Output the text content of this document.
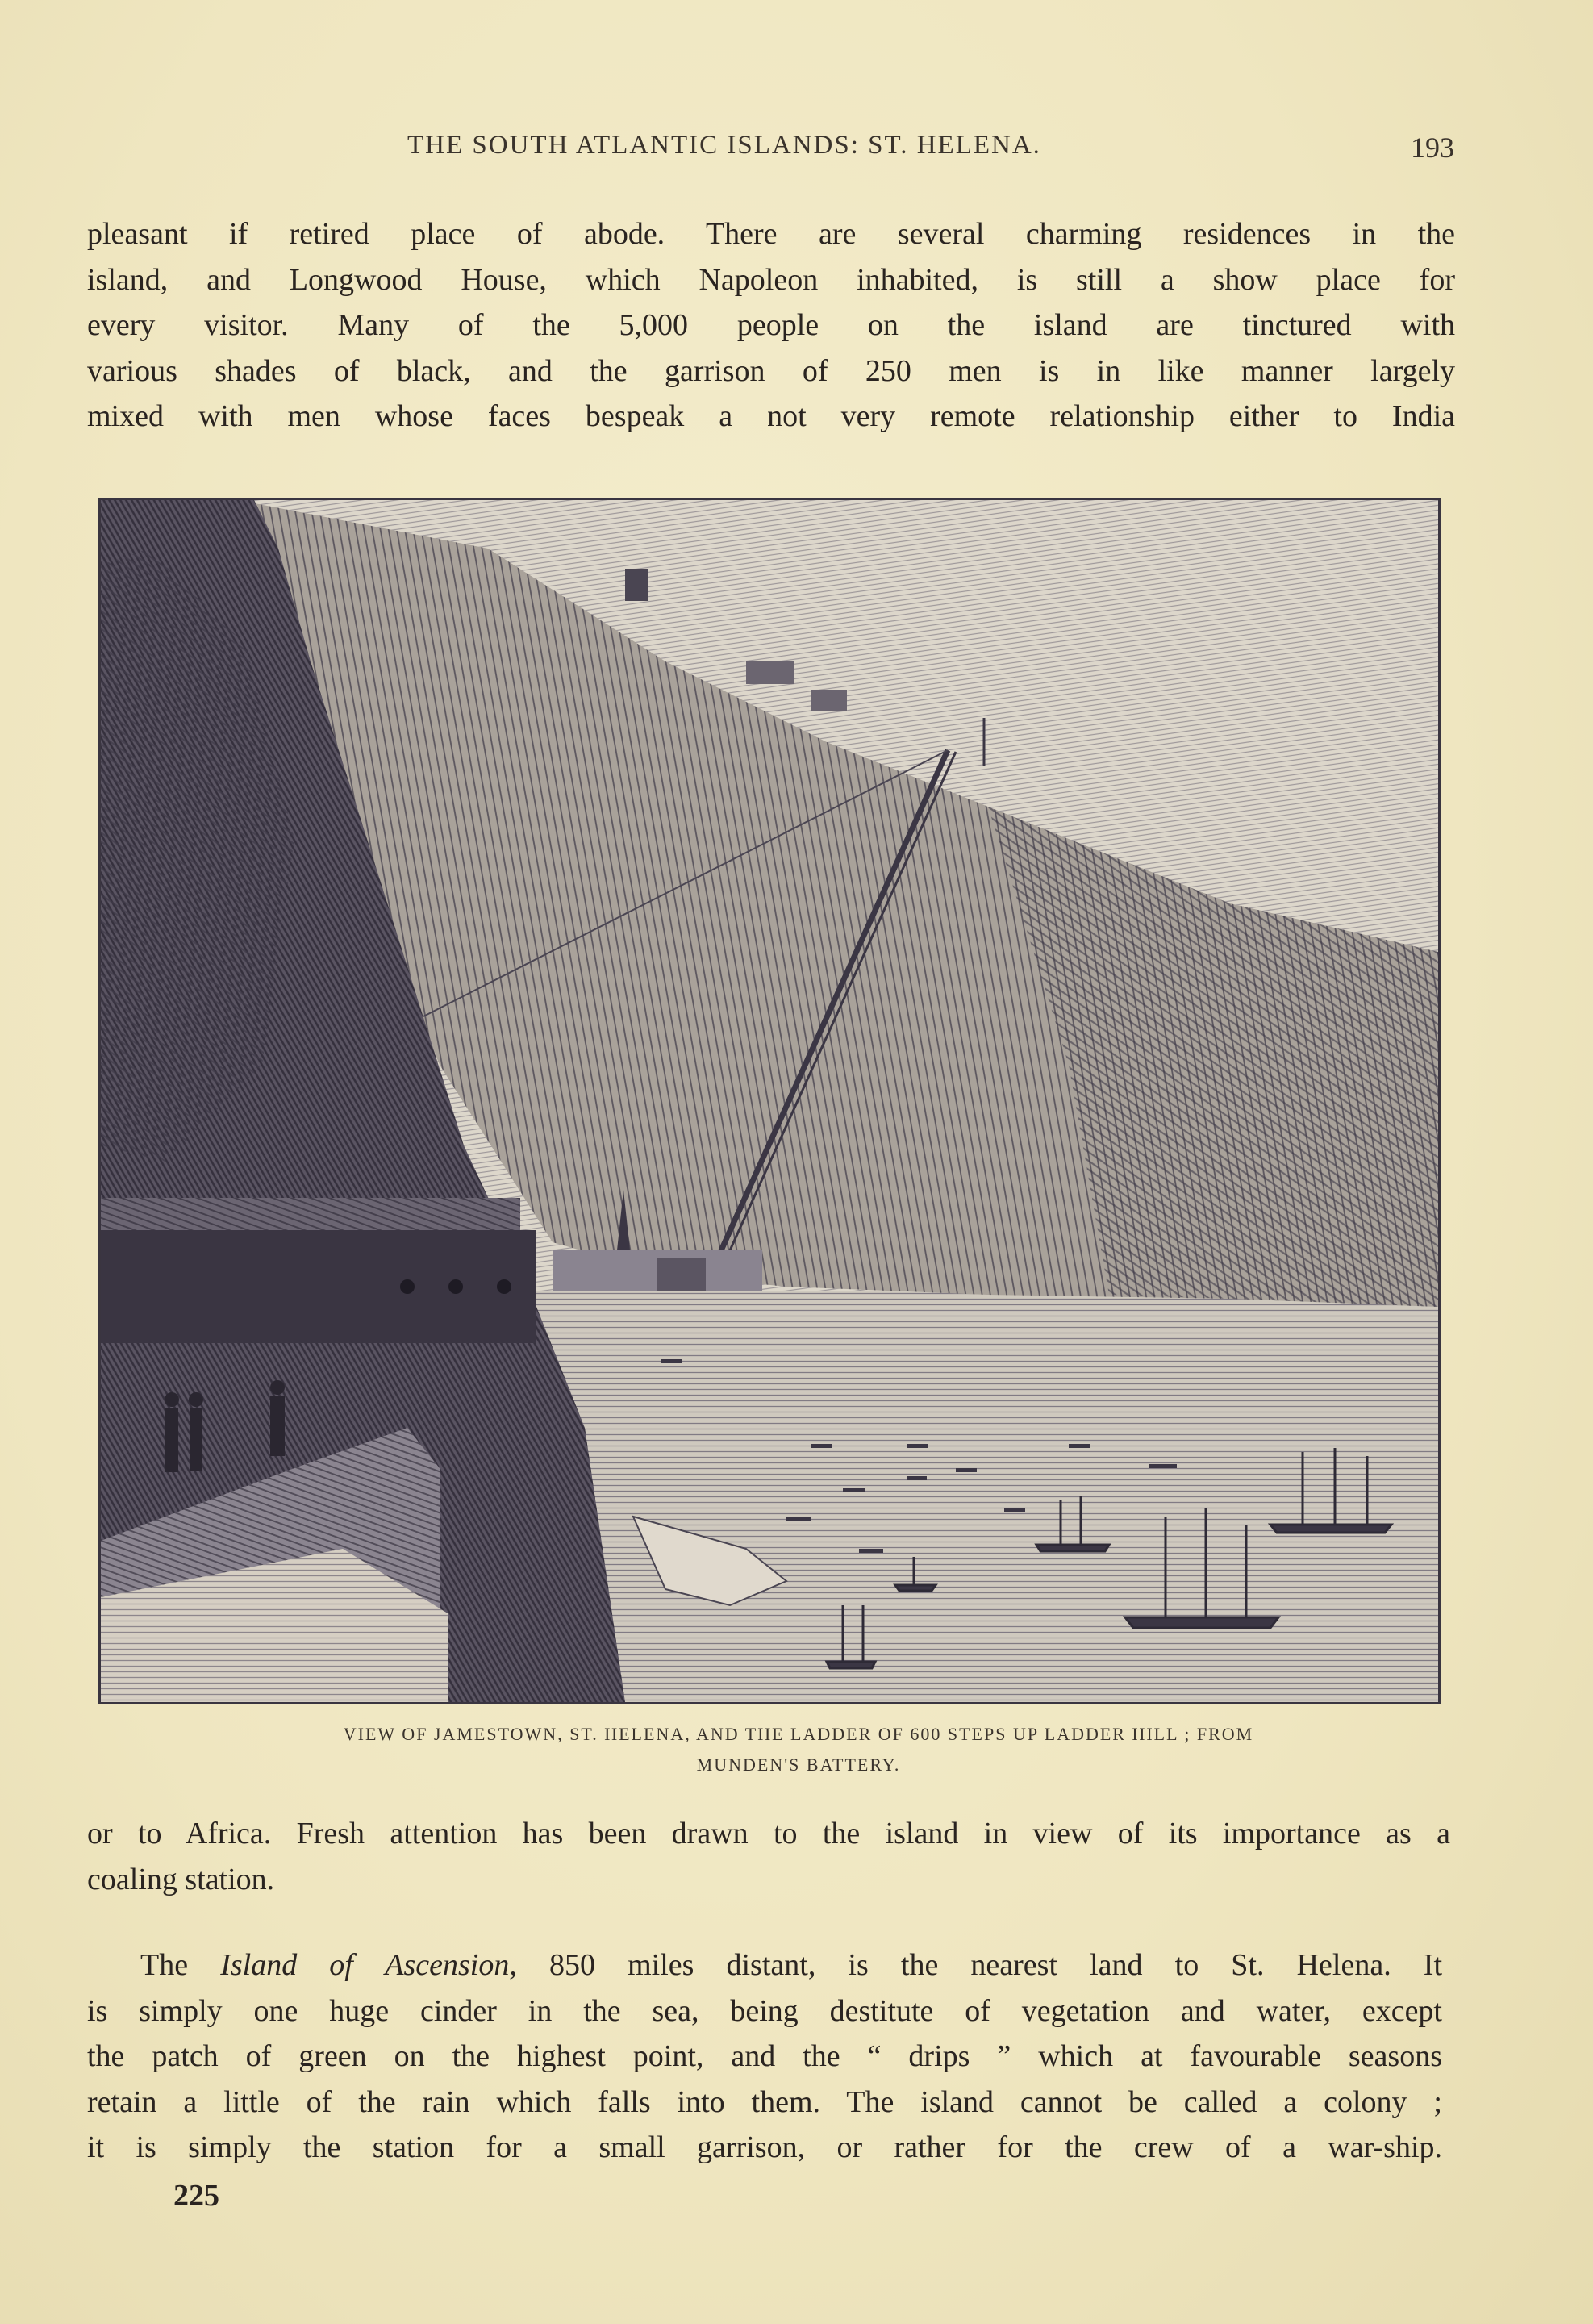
THE SOUTH ATLANTIC ISLANDS: ST. HELENA.	193
pleasant if retired place of abode. There are several charming residences in the
island, and Longwood House, which Napoleon inhabited, is still a show place for
every visitor. Many of the 5,000 people on the island are tinctured with
various shades of black, and the garrison of 250 men is in like manner largely
mixed with men whose faces bespeak a not very remote relationship either to India
VIEW OF JAMESTOWN, ST. HELENA, AND THE LADDER OF 600 STEPS UP LADDER HILL ; FROM
MUNDEN'S BATTERY.
or to Africa. Fresh attention has been drawn to the island in view of its importance as a
coaling station.
The Island of Ascension, 850 miles distant, is the nearest land to St. Helena. It
is simply one huge cinder in the sea, being destitute of vegetation and water, except
the patch of green on the highest point, and the “ drips ” which at favourable seasons
retain a little of the rain which falls into them. The island cannot be called a colony ;
it is simply the station for a small garrison, or rather for the crew of a war-ship.
225
